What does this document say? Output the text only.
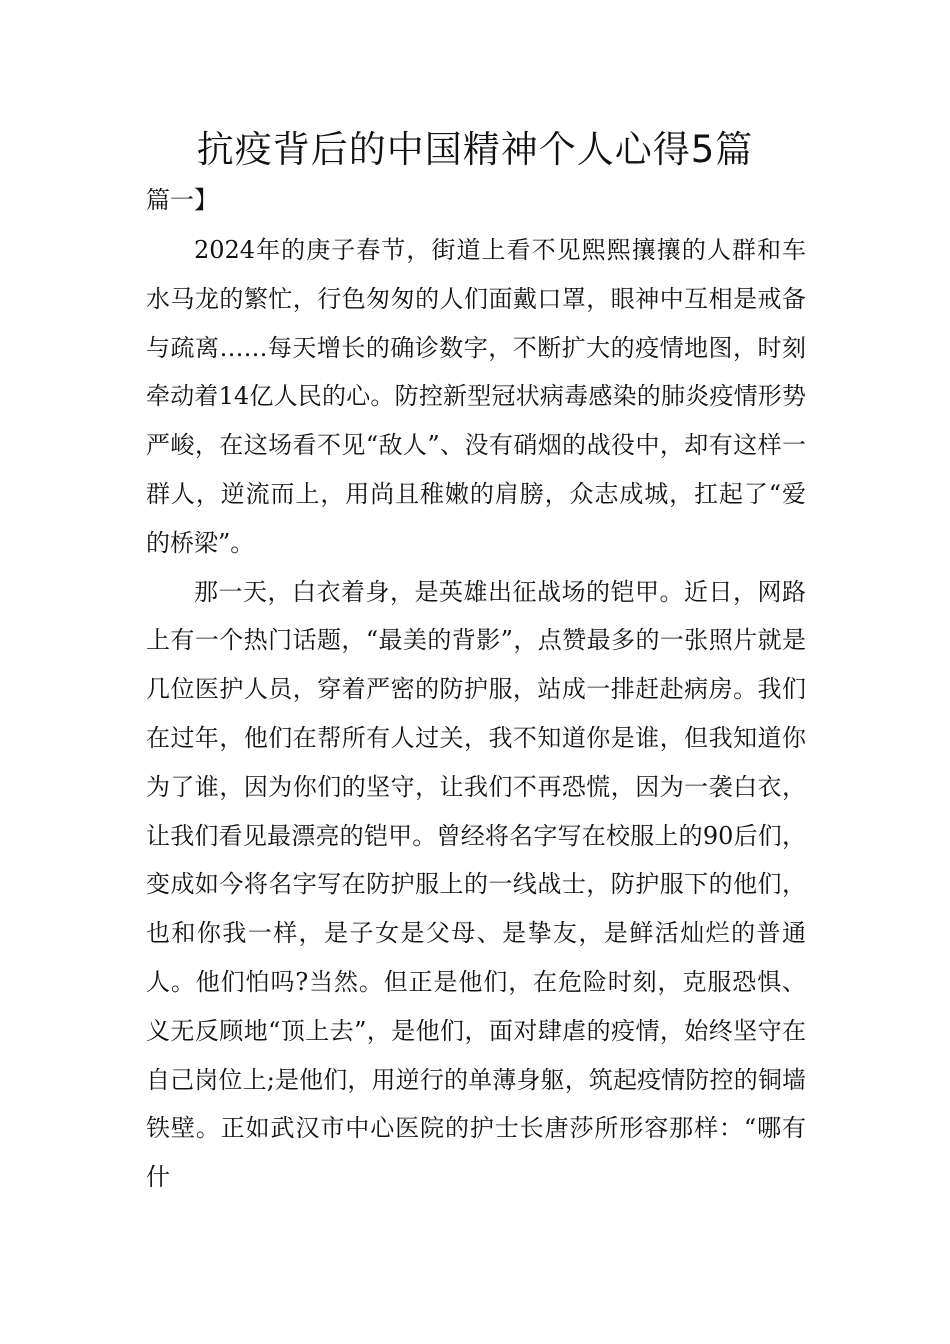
抗疫背后的中国精神个人心得5篇
篇一】

2024年的庚子春节，街道上看不见熙熙攘攘的人群和车水马龙的繁忙，行色匆匆的人们面戴口罩，眼神中互相是戒备与疏离……每天增长的确诊数字，不断扩大的疫情地图，时刻牵动着14亿人民的心。防控新型冠状病毒感染的肺炎疫情形势严峻，在这场看不见“敌人”、没有硝烟的战役中，却有这样一群人，逆流而上，用尚且稚嫩的肩膀，众志成城，扛起了“爱的桥梁”。

那一天，白衣着身，是英雄出征战场的铠甲。近日，网路上有一个热门话题，“最美的背影”，点赞最多的一张照片就是几位医护人员，穿着严密的防护服，站成一排赶赴病房。我们在过年，他们在帮所有人过关，我不知道你是谁，但我知道你为了谁，因为你们的坚守，让我们不再恐慌，因为一袭白衣，让我们看见最漂亮的铠甲。曾经将名字写在校服上的90后们，变成如今将名字写在防护服上的一线战士，防护服下的他们，也和你我一样，是子女是父母、是挚友，是鲜活灿烂的普通人。他们怕吗?当然。但正是他们，在危险时刻，克服恐惧、义无反顾地“顶上去”，是他们，面对肆虐的疫情，始终坚守在自己岗位上;是他们，用逆行的单薄身躯，筑起疫情防控的铜墙铁壁。正如武汉市中心医院的护士长唐莎所形容那样：“哪有什
